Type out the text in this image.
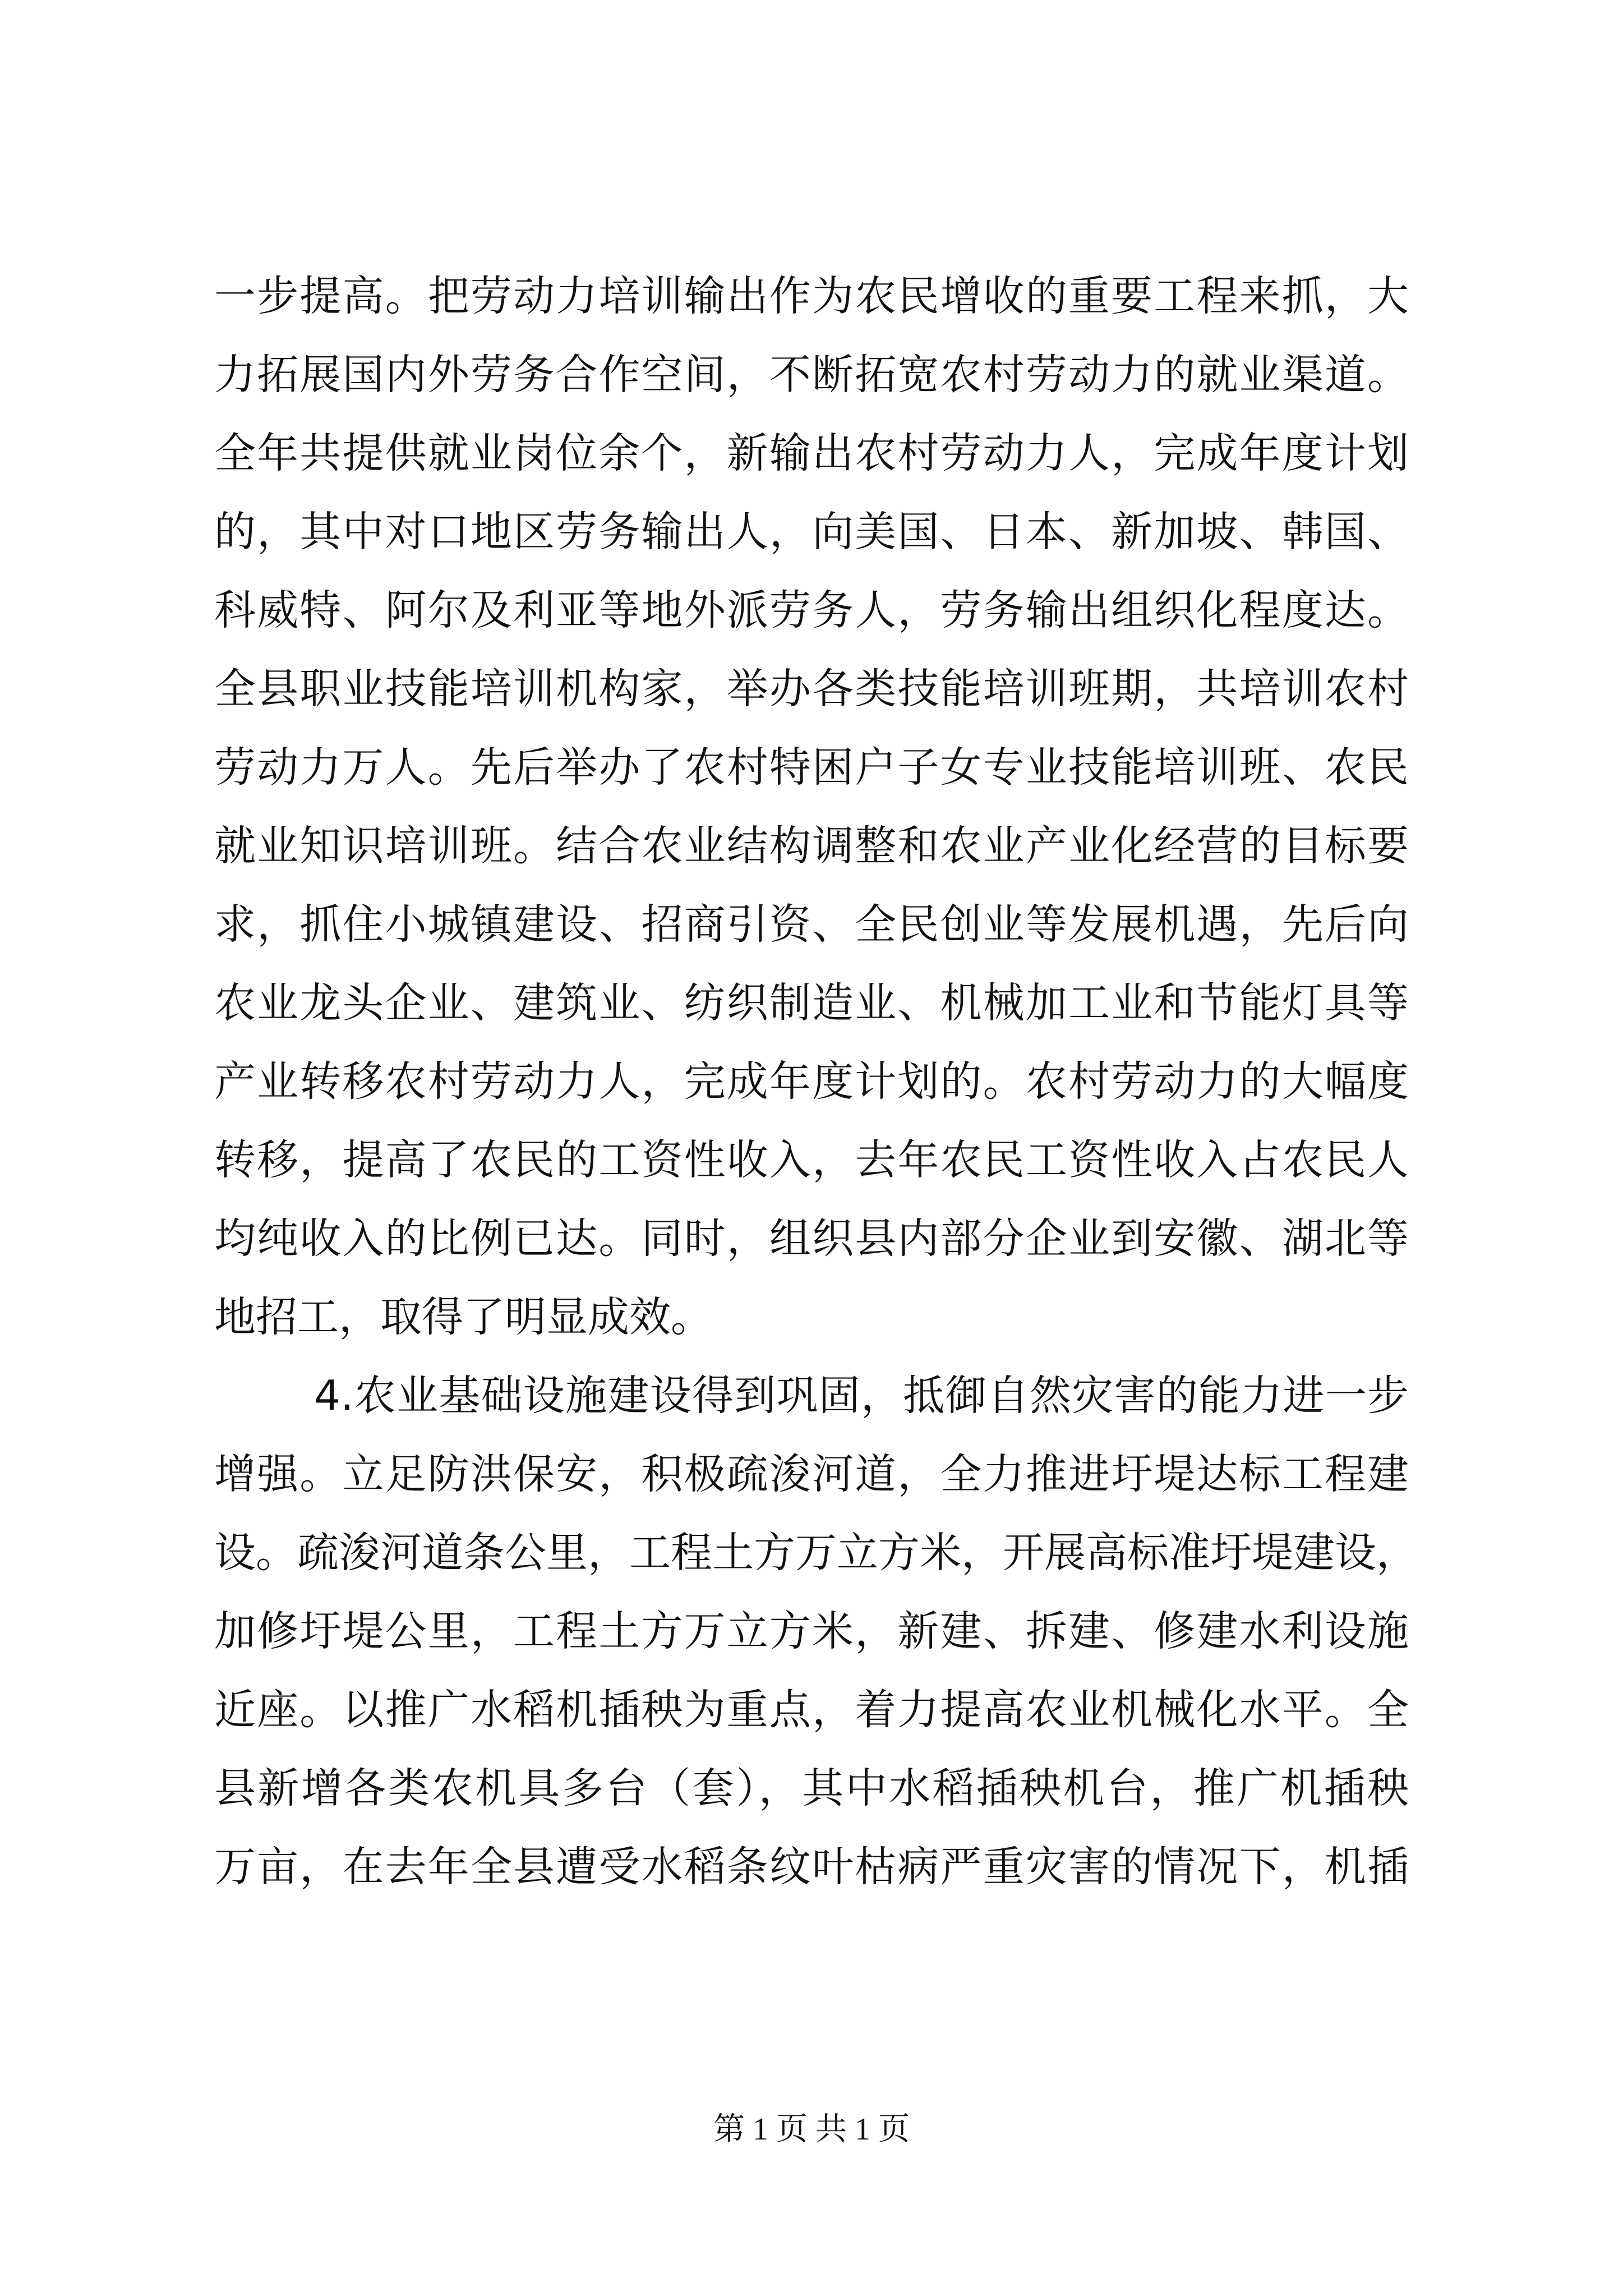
一步提高。把劳动力培训输出作为农民增收的重要工程来抓，大
力拓展国内外劳务合作空间，不断拓宽农村劳动力的就业渠道。
全年共提供就业岗位余个，新输出农村劳动力人，完成年度计划
的，其中对口地区劳务输出人，向美国、日本、新加坡、韩国、
科威特、阿尔及利亚等地外派劳务人，劳务输出组织化程度达。
全县职业技能培训机构家，举办各类技能培训班期，共培训农村
劳动力万人。先后举办了农村特困户子女专业技能培训班、农民
就业知识培训班。结合农业结构调整和农业产业化经营的目标要
求，抓住小城镇建设、招商引资、全民创业等发展机遇，先后向
农业龙头企业、建筑业、纺织制造业、机械加工业和节能灯具等
产业转移农村劳动力人，完成年度计划的。农村劳动力的大幅度
转移，提高了农民的工资性收入，去年农民工资性收入占农民人
均纯收入的比例已达。同时，组织县内部分企业到安徽、湖北等
地招工，取得了明显成效。
4.农业基础设施建设得到巩固，抵御自然灾害的能力进一步
增强。立足防洪保安，积极疏浚河道，全力推进圩堤达标工程建
设。疏浚河道条公里，工程土方万立方米，开展高标准圩堤建设，
加修圩堤公里，工程土方万立方米，新建、拆建、修建水利设施
近座。以推广水稻机插秧为重点，着力提高农业机械化水平。全
县新增各类农机具多台（套），其中水稻插秧机台，推广机插秧
万亩，在去年全县遭受水稻条纹叶枯病严重灾害的情况下，机插
第 1 页 共 1 页
